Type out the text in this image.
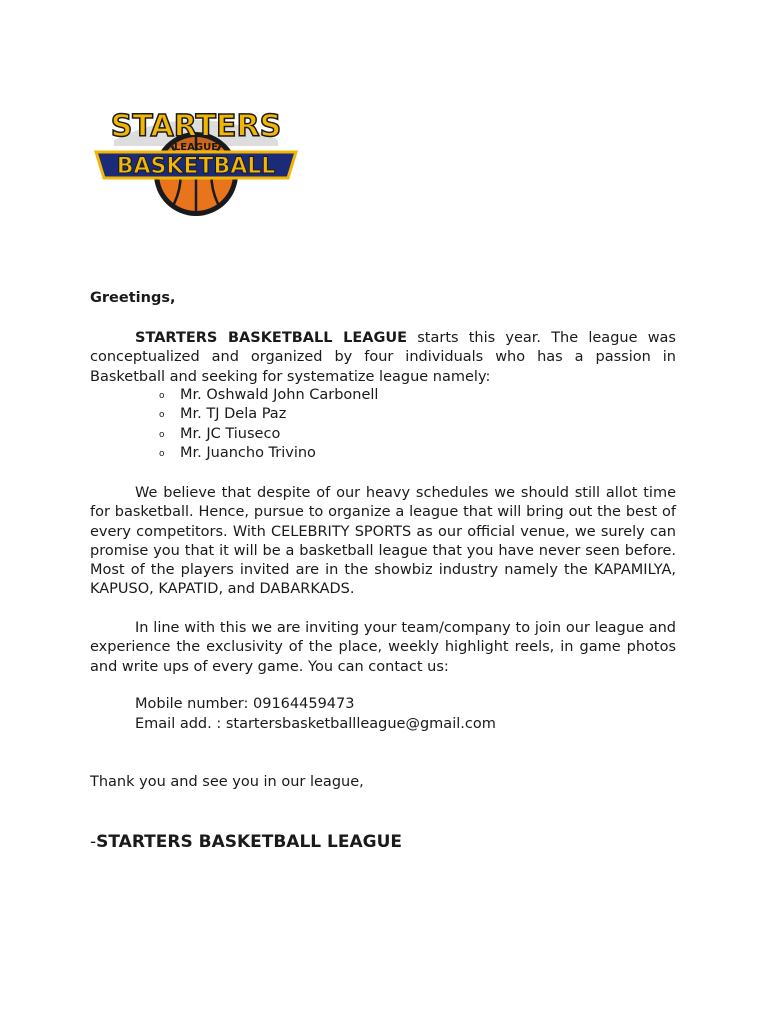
STARTERS
LEAGUE
BASKETBALL

Greetings,

STARTERS BASKETBALL LEAGUE starts this year. The league was conceptualized and organized by four individuals who has a passion in Basketball and seeking for systematize league namely:

o Mr. Oshwald John Carbonell
o Mr. TJ Dela Paz
o Mr. JC Tiuseco
o Mr. Juancho Trivino

We believe that despite of our heavy schedules we should still allot time for basketball. Hence, pursue to organize a league that will bring out the best of every competitors. With CELEBRITY SPORTS as our official venue, we surely can promise you that it will be a basketball league that you have never seen before. Most of the players invited are in the showbiz industry namely the KAPAMILYA, KAPUSO, KAPATID, and DABARKADS.

In line with this we are inviting your team/company to join our league and experience the exclusivity of the place, weekly highlight reels, in game photos and write ups of every game. You can contact us:

Mobile number: 09164459473

Email add. : startersbasketballleague@gmail.com

Thank you and see you in our league,

-STARTERS BASKETBALL LEAGUE
